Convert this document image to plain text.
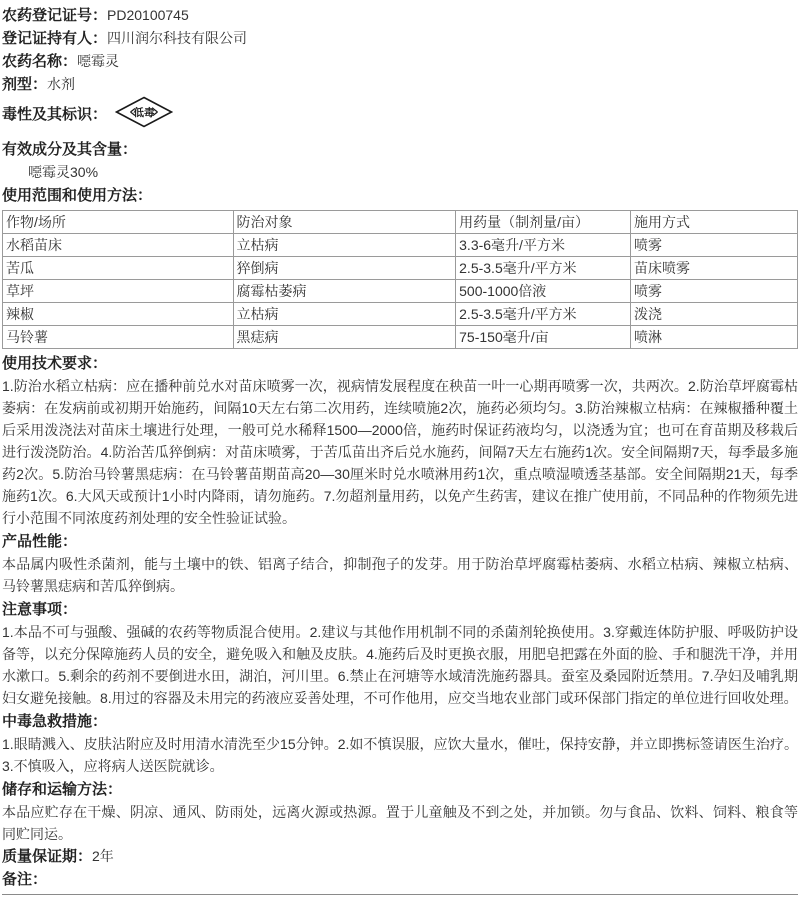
农药登记证号：PD20100745
登记证持有人：四川润尔科技有限公司
农药名称：噁霉灵
剂型：水剂
毒性及其标识：	低毒
有效成分及其含量：
噁霉灵30%
使用范围和使用方法：
作物/场所	防治对象	用药量（制剂量/亩）	施用方式
水稻苗床	立枯病	3.3-6毫升/平方米	喷雾
苦瓜	猝倒病	2.5-3.5毫升/平方米	苗床喷雾
草坪	腐霉枯萎病	500-1000倍液	喷雾
辣椒	立枯病	2.5-3.5毫升/平方米	泼浇
马铃薯	黑痣病	75-150毫升/亩	喷淋
使用技术要求：

1.防治水稻立枯病：应在播种前兑水对苗床喷雾一次，视病情发展程度在秧苗一叶一心期再喷雾一次，共两次。2.防治草坪腐霉枯萎病：在发病前或初期开始施药，间隔10天左右第二次用药，连续喷施2次，施药必须均匀。3.防治辣椒立枯病：在辣椒播种覆土后采用泼浇法对苗床土壤进行处理，一般可兑水稀释1500—2000倍，施药时保证药液均匀，以浇透为宜；也可在育苗期及移栽后进行泼浇防治。4.防治苦瓜猝倒病：对苗床喷雾，于苦瓜苗出齐后兑水施药，间隔7天左右施药1次。安全间隔期7天，每季最多施药2次。5.防治马铃薯黑痣病：在马铃薯苗期苗高20—30厘米时兑水喷淋用药1次，重点喷湿喷透茎基部。安全间隔期21天，每季施药1次。6.大风天或预计1小时内降雨，请勿施药。7.勿超剂量用药，以免产生药害，建议在推广使用前，不同品种的作物须先进行小范围不同浓度药剂处理的安全性验证试验。

产品性能：

本品属内吸性杀菌剂，能与土壤中的铁、铝离子结合，抑制孢子的发芽。用于防治草坪腐霉枯萎病、水稻立枯病、辣椒立枯病、马铃薯黑痣病和苦瓜猝倒病。

注意事项：

1.本品不可与强酸、强碱的农药等物质混合使用。2.建议与其他作用机制不同的杀菌剂轮换使用。3.穿戴连体防护服、呼吸防护设备等，以充分保障施药人员的安全，避免吸入和触及皮肤。4.施药后及时更换衣服，用肥皂把露在外面的脸、手和腿洗干净，并用水漱口。5.剩余的药剂不要倒进水田，湖泊，河川里。6.禁止在河塘等水域清洗施药器具。蚕室及桑园附近禁用。7.孕妇及哺乳期妇女避免接触。8.用过的容器及未用完的药液应妥善处理，不可作他用，应交当地农业部门或环保部门指定的单位进行回收处理。

中毒急救措施：

1.眼睛溅入、皮肤沾附应及时用清水清洗至少15分钟。2.如不慎误服，应饮大量水，催吐，保持安静，并立即携标签请医生治疗。3.不慎吸入，应将病人送医院就诊。

储存和运输方法：

本品应贮存在干燥、阴凉、通风、防雨处，远离火源或热源。置于儿童触及不到之处，并加锁。勿与食品、饮料、饲料、粮食等同贮同运。

质量保证期：2年
备注：
